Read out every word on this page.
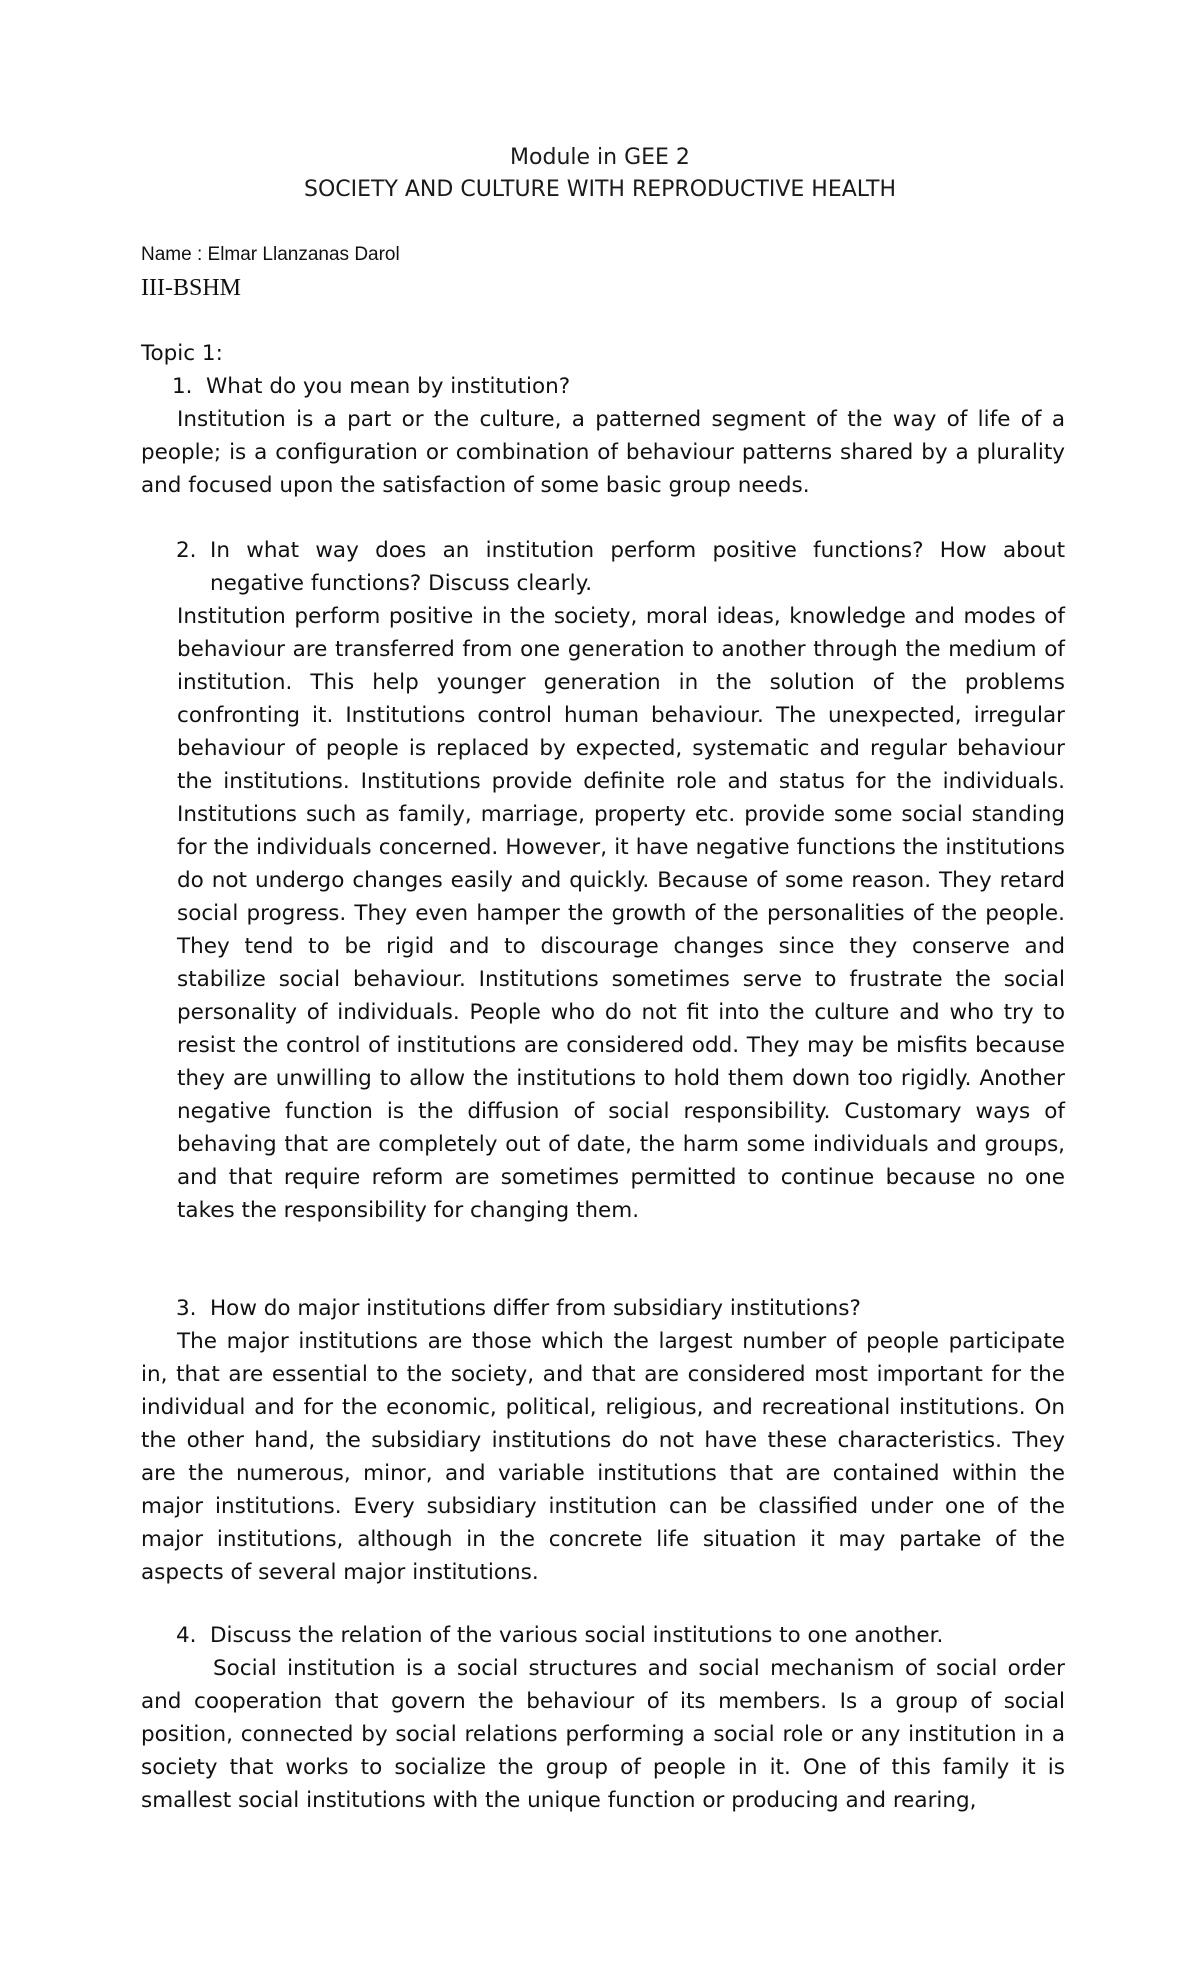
Module in GEE 2
SOCIETY AND CULTURE WITH REPRODUCTIVE HEALTH
Name : Elmar Llanzanas Darol
III-BSHM
Topic 1:
1. What do you mean by institution?

Institution is a part or the culture, a patterned segment of the way of life of a people; is a configuration or combination of behaviour patterns shared by a plurality and focused upon the satisfaction of some basic group needs.

2. In what way does an institution perform positive functions? How about negative functions? Discuss clearly.

Institution perform positive in the society, moral ideas, knowledge and modes of behaviour are transferred from one generation to another through the medium of institution. This help younger generation in the solution of the problems confronting it. Institutions control human behaviour. The unexpected, irregular behaviour of people is replaced by expected, systematic and regular behaviour the institutions. Institutions provide definite role and status for the individuals. Institutions such as family, marriage, property etc. provide some social standing for the individuals concerned. However, it have negative functions the institutions do not undergo changes easily and quickly. Because of some reason. They retard social progress. They even hamper the growth of the personalities of the people. They tend to be rigid and to discourage changes since they conserve and stabilize social behaviour. Institutions sometimes serve to frustrate the social personality of individuals. People who do not fit into the culture and who try to resist the control of institutions are considered odd. They may be misfits because they are unwilling to allow the institutions to hold them down too rigidly. Another negative function is the diffusion of social responsibility. Customary ways of behaving that are completely out of date, the harm some individuals and groups, and that require reform are sometimes permitted to continue because no one takes the responsibility for changing them.

3. How do major institutions differ from subsidiary institutions?

The major institutions are those which the largest number of people participate in, that are essential to the society, and that are considered most important for the individual and for the economic, political, religious, and recreational institutions. On the other hand, the subsidiary institutions do not have these characteristics. They are the numerous, minor, and variable institutions that are contained within the major institutions. Every subsidiary institution can be classified under one of the major institutions, although in the concrete life situation it may partake of the aspects of several major institutions.

4. Discuss the relation of the various social institutions to one another.

Social institution is a social structures and social mechanism of social order and cooperation that govern the behaviour of its members. Is a group of social position, connected by social relations performing a social role or any institution in a society that works to socialize the group of people in it. One of this family it is smallest social institutions with the unique function or producing and rearing,
